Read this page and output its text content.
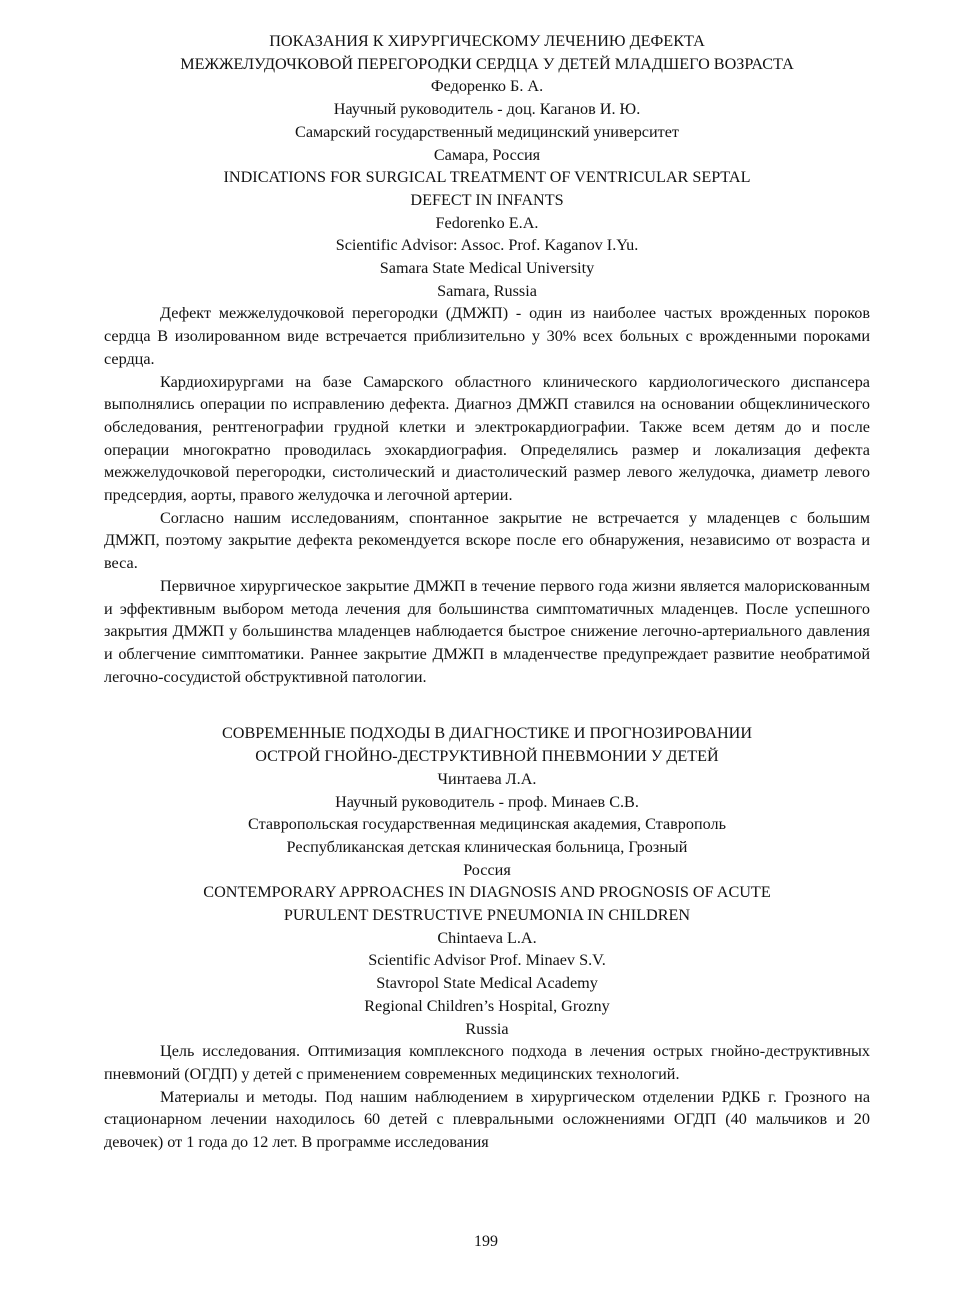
ПОКАЗАНИЯ К ХИРУРГИЧЕСКОМУ ЛЕЧЕНИЮ ДЕФЕКТА
МЕЖЖЕЛУДОЧКОВОЙ ПЕРЕГОРОДКИ СЕРДЦА У ДЕТЕЙ МЛАДШЕГО ВОЗРАСТА
Федоренко Б. А.
Научный руководитель - доц. Каганов И. Ю.
Самарский государственный медицинский университет
Самара, Россия
INDICATIONS FOR SURGICAL TREATMENT OF VENTRICULAR SEPTAL
DEFECT IN INFANTS
Fedorenko E.A.
Scientific Advisor: Assoc. Prof. Kaganov I.Yu.
Samara State Medical University
Samara, Russia

Дефект межжелудочковой перегородки (ДМЖП) - один из наиболее частых врожденных пороков сердца В изолированном виде встречается приблизительно у 30% всех больных с врожденными пороками сердца.

Кардиохирургами на базе Самарского областного клинического кардиологического диспансера выполнялись операции по исправлению дефекта. Диагноз ДМЖП ставился на основании общеклинического обследования, рентгенографии грудной клетки и электрокардиографии. Также всем детям до и после операции многократно проводилась эхокардиография. Определялись размер и локализация дефекта межжелудочковой перегородки, систолический и диастолический размер левого желудочка, диаметр левого предсердия, аорты, правого желудочка и легочной артерии.

Согласно нашим исследованиям, спонтанное закрытие не встречается у младенцев с большим ДМЖП, поэтому закрытие дефекта рекомендуется вскоре после его обнаружения, независимо от возраста и веса.

Первичное хирургическое закрытие ДМЖП в течение первого года жизни является малорискованным и эффективным выбором метода лечения для большинства симптоматичных младенцев. После успешного закрытия ДМЖП у большинства младенцев наблюдается быстрое снижение легочно-артериального давления и облегчение симптоматики. Раннее закрытие ДМЖП в младенчестве предупреждает развитие необратимой легочно-сосудистой обструктивной патологии.

СОВРЕМЕННЫЕ ПОДХОДЫ В ДИАГНОСТИКЕ И ПРОГНОЗИРОВАНИИ
ОСТРОЙ ГНОЙНО-ДЕСТРУКТИВНОЙ ПНЕВМОНИИ У ДЕТЕЙ
Чинтаева Л.А.
Научный руководитель - проф. Минаев С.В.
Ставропольская государственная медицинская академия, Ставрополь
Республиканская детская клиническая больница, Грозный
Россия
CONTEMPORARY APPROACHES IN DIAGNOSIS AND PROGNOSIS OF ACUTE
PURULENT DESTRUCTIVE PNEUMONIA IN CHILDREN
Chintaeva L.A.
Scientific Advisor Prof. Minaev S.V.
Stavropol State Medical Academy
Regional Children’s Hospital, Grozny
Russia

Цель исследования. Оптимизация комплексного подхода в лечения острых гнойно-деструктивных пневмоний (ОГДП) у детей с применением современных медицинских технологий.

Материалы и методы. Под нашим наблюдением в хирургическом отделении РДКБ г. Грозного на стационарном лечении находилось 60 детей с плевральными осложнениями ОГДП (40 мальчиков и 20 девочек) от 1 года до 12 лет. В программе исследования

199
